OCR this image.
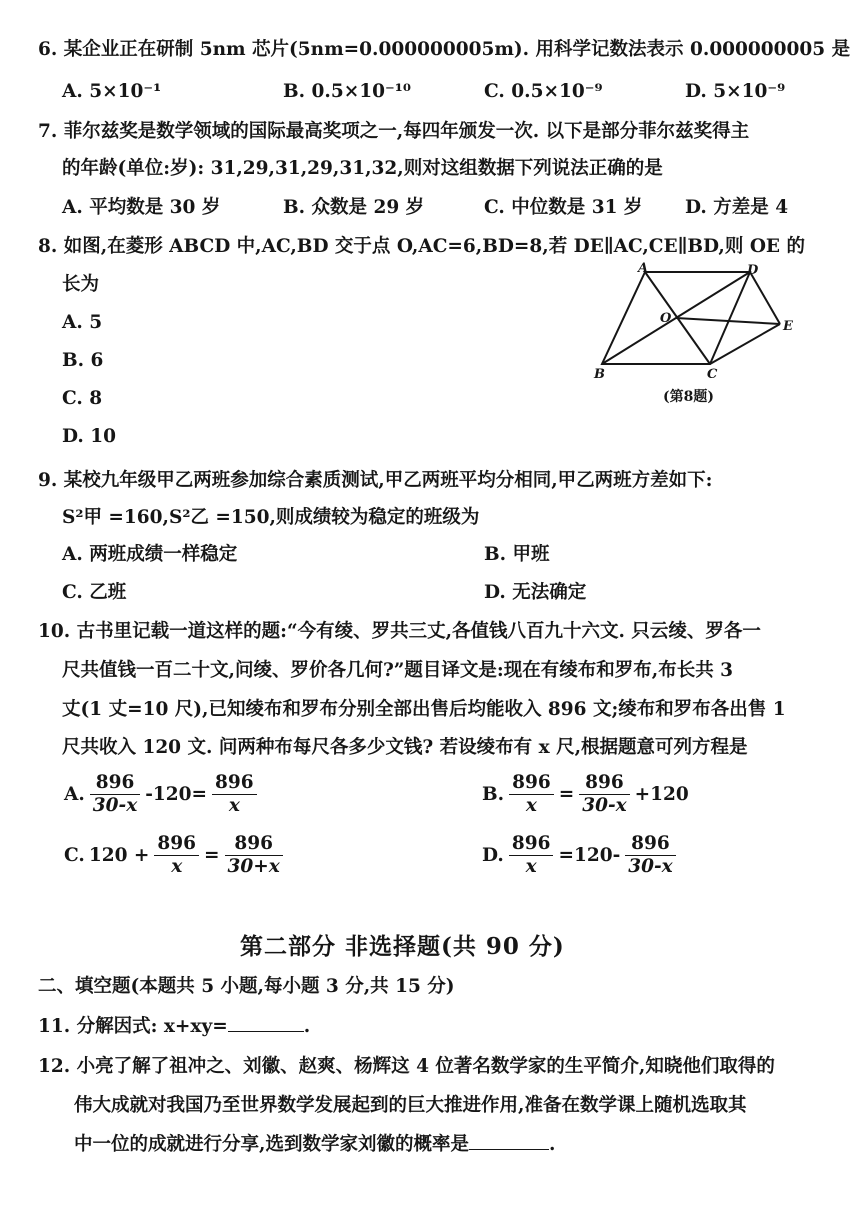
6. 某企业正在研制 5nm 芯片(5nm=0.000000005m). 用科学记数法表示 0.000000005 是
A. 5×10⁻¹	B. 0.5×10⁻¹⁰	C. 0.5×10⁻⁹	D. 5×10⁻⁹
7. 菲尔兹奖是数学领域的国际最高奖项之一,每四年颁发一次. 以下是部分菲尔兹奖得主
的年龄(单位:岁): 31,29,31,29,31,32,则对这组数据下列说法正确的是
A. 平均数是 30 岁	B. 众数是 29 岁	C. 中位数是 31 岁 D. 方差是 4
8. 如图,在菱形 ABCD 中,AC,BD 交于点 O,AC=6,BD=8,若 DE∥AC,CE∥BD,则 OE 的
长为
A. 5
B. 6
C. 8
D. 10
A	D
O
E
B	C
(第8题)
9. 某校九年级甲乙两班参加综合素质测试,甲乙两班平均分相同,甲乙两班方差如下:
S²甲 =160,S²乙 =150,则成绩较为稳定的班级为
A. 两班成绩一样稳定	B. 甲班
C. 乙班	D. 无法确定
10. 古书里记载一道这样的题:“今有绫、罗共三丈,各值钱八百九十六文. 只云绫、罗各一
尺共值钱一百二十文,问绫、罗价各几何?”题目译文是:现在有绫布和罗布,布长共 3
丈(1 丈=10 尺),已知绫布和罗布分别全部出售后均能收入 896 文;绫布和罗布各出售 1
尺共收入 120 文. 问两种布每尺各多少文钱? 若设绫布有 x 尺,根据题意可列方程是
A. $\frac{896}{30-x} -120= \frac{896}{x}$	B. $\frac{896}{x} = \frac{896}{30-x} +120$
C. $120 + \frac{896}{x} = \frac{896}{30+x}$	D. $\frac{896}{x} =120- \frac{896}{30-x}$
第二部分 非选择题(共 90 分)
二、填空题(本题共 5 小题,每小题 3 分,共 15 分)
11. 分解因式: x+xy=	.
12. 小亮了解了祖冲之、刘徽、赵爽、杨辉这 4 位著名数学家的生平简介,知晓他们取得的
伟大成就对我国乃至世界数学发展起到的巨大推进作用,准备在数学课上随机选取其
中一位的成就进行分享,选到数学家刘徽的概率是	.
